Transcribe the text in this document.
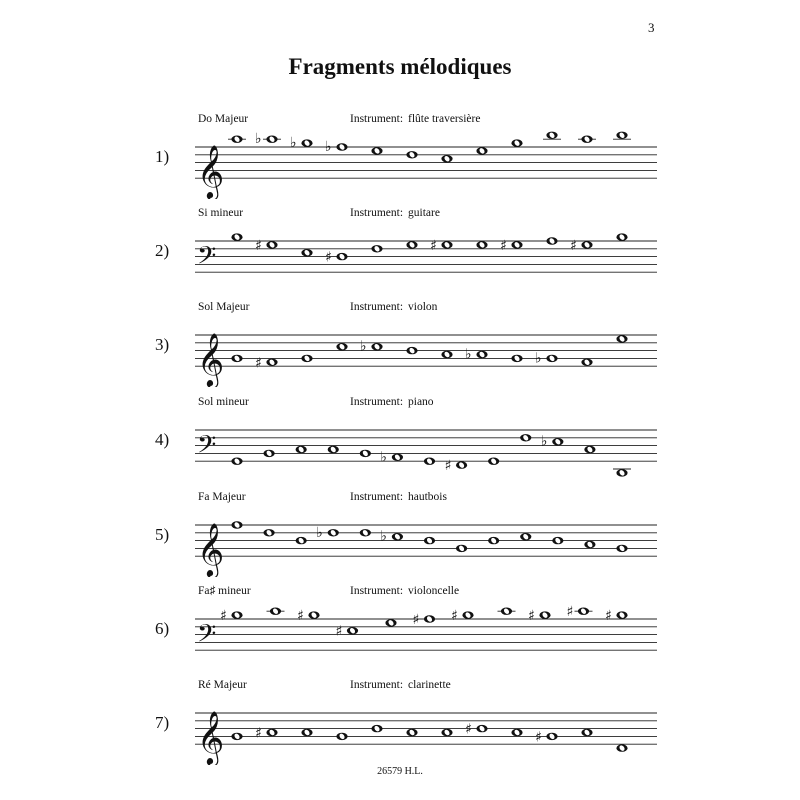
3
Fragments mélodiques
1)
Do Majeur	Instrument: flûte traversière
𝄞
♭ ♭ ♭
2)
Si mineur	Instrument: guitare
𝄢	♯
♯
♯	♯	♯
3)
Sol Majeur	Instrument: violon
𝄞 ♯
♭	♭	♭
4)
Sol mineur	Instrument: piano
𝄢	♭
♯
♭
5)
Fa Majeur	Instrument: hautbois
𝄞	♭	♭
6)
Fa♯ mineur	Instrument: violoncelle
𝄢
♯	♯
♯
♯ ♯	♯ ♯ ♯
7)
Ré Majeur	Instrument: clarinette
𝄞 ♯	♯	♯
26579 H.L.
